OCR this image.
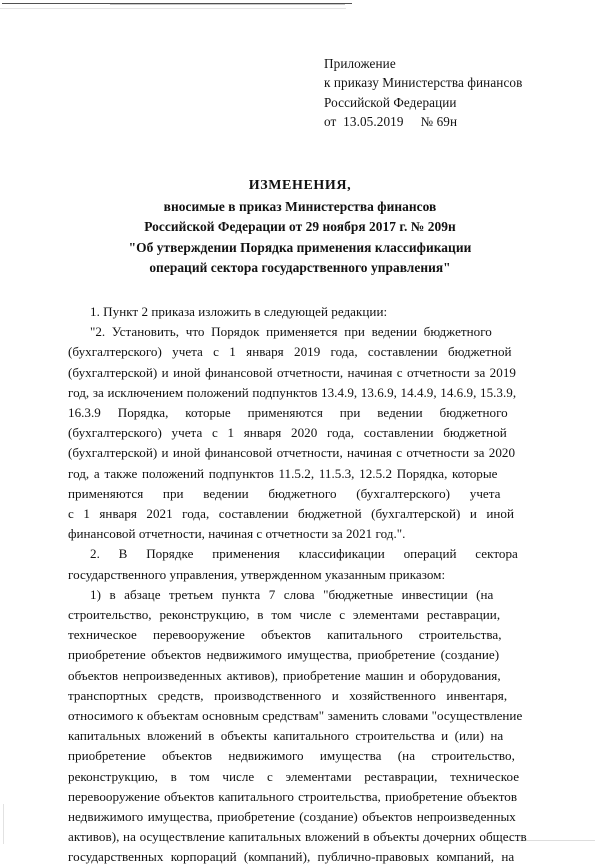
Приложение
к приказу Министерства финансов
Российской Федерации
от  13.05.2019     № 69н
ИЗМЕНЕНИЯ,
вносимые в приказ Министерства финансов
Российской Федерации от 29 ноября 2017 г. № 209н
"Об утверждении Порядка применения классификации
операций сектора государственного управления"
1. Пункт 2 приказа изложить в следующей редакции:
"2. Установить, что Порядок применяется при ведении бюджетного
(бухгалтерского) учета с 1 января 2019 года, составлении бюджетной
(бухгалтерской) и иной финансовой отчетности, начиная с отчетности за 2019
год, за исключением положений подпунктов 13.4.9, 13.6.9, 14.4.9, 14.6.9, 15.3.9,
16.3.9 Порядка, которые применяются при ведении бюджетного
(бухгалтерского) учета с 1 января 2020 года, составлении бюджетной
(бухгалтерской) и иной финансовой отчетности, начиная с отчетности за 2020
год, а также положений подпунктов 11.5.2, 11.5.3, 12.5.2 Порядка, которые
применяются при ведении бюджетного (бухгалтерского) учета
с 1 января 2021 года, составлении бюджетной (бухгалтерской) и иной
финансовой отчетности, начиная с отчетности за 2021 год.".
2. В Порядке применения классификации операций сектора
государственного управления, утвержденном указанным приказом:
1) в абзаце третьем пункта 7 слова "бюджетные инвестиции (на
строительство, реконструкцию, в том числе с элементами реставрации,
техническое перевооружение объектов капитального строительства,
приобретение объектов недвижимого имущества, приобретение (создание)
объектов непроизведенных активов), приобретение машин и оборудования,
транспортных средств, производственного и хозяйственного инвентаря,
относимого к объектам основным средствам" заменить словами "осуществление
капитальных вложений в объекты капитального строительства и (или) на
приобретение объектов недвижимого имущества (на строительство,
реконструкцию, в том числе с элементами реставрации, техническое
перевооружение объектов капитального строительства, приобретение объектов
недвижимого имущества, приобретение (создание) объектов непроизведенных
активов), на осуществление капитальных вложений в объекты дочерних обществ
государственных корпораций (компаний), публично-правовых компаний, на
